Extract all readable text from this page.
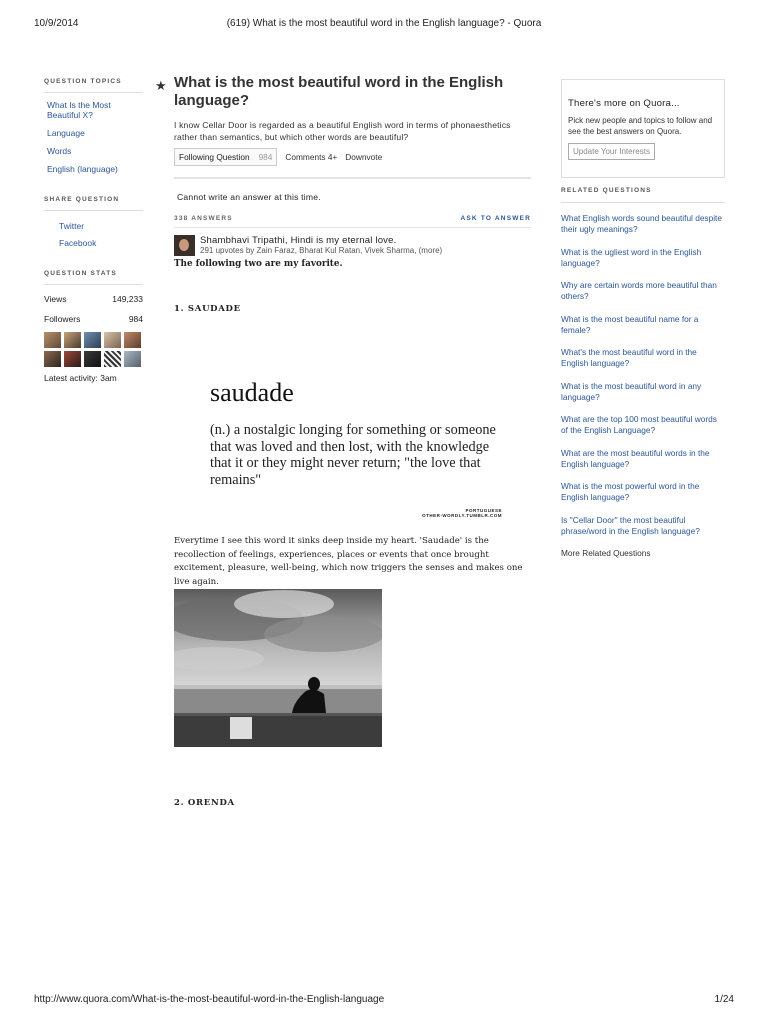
10/9/2014	(619) What is the most beautiful word in the English language? - Quora
QUESTION TOPICS
What Is the Most Beautiful X?
Language
Words
English (language)
SHARE QUESTION
Twitter
Facebook
QUESTION STATS
Views	149,233
Followers	984
Latest activity: 3am
★ What is the most beautiful word in the English language?

I know Cellar Door is regarded as a beautiful English word in terms of phonaesthetics rather than semantics, but which other words are beautiful?

Following Question 984 Comments 4+ Downvote

Cannot write an answer at this time.

338 ANSWERS	ASK TO ANSWER
Shambhavi Tripathi, Hindi is my eternal love.
291 upvotes by Zain Faraz, Bharat Kul Ratan, Vivek Sharma, (more)

The following two are my favorite.

1. SAUDADE
saudade
(n.) a nostalgic longing for something or someone that was loved and then lost, with the knowledge that it or they might never return; "the love that remains"
PORTUGUESE
OTHER-WORDLY.TUMBLR.COM

Everytime I see this word it sinks deep inside my heart. 'Saudade' is the recollection of feelings, experiences, places or events that once brought excitement, pleasure, well-being, which now triggers the senses and makes one live again.

2. ORENDA
There's more on Quora...
Pick new people and topics to follow and see the best answers on Quora.
Update Your Interests
RELATED QUESTIONS
What English words sound beautiful despite their ugly meanings?
What is the ugliest word in the English language?
Why are certain words more beautiful than others?
What is the most beautiful name for a female?
What's the most beautiful word in the English language?
What is the most beautiful word in any language?
What are the top 100 most beautiful words of the English Language?
What are the most beautiful words in the English language?
What is the most powerful word in the English language?
Is "Cellar Door" the most beautiful phrase/word in the English language?
More Related Questions
http://www.quora.com/What-is-the-most-beautiful-word-in-the-English-language	1/24
